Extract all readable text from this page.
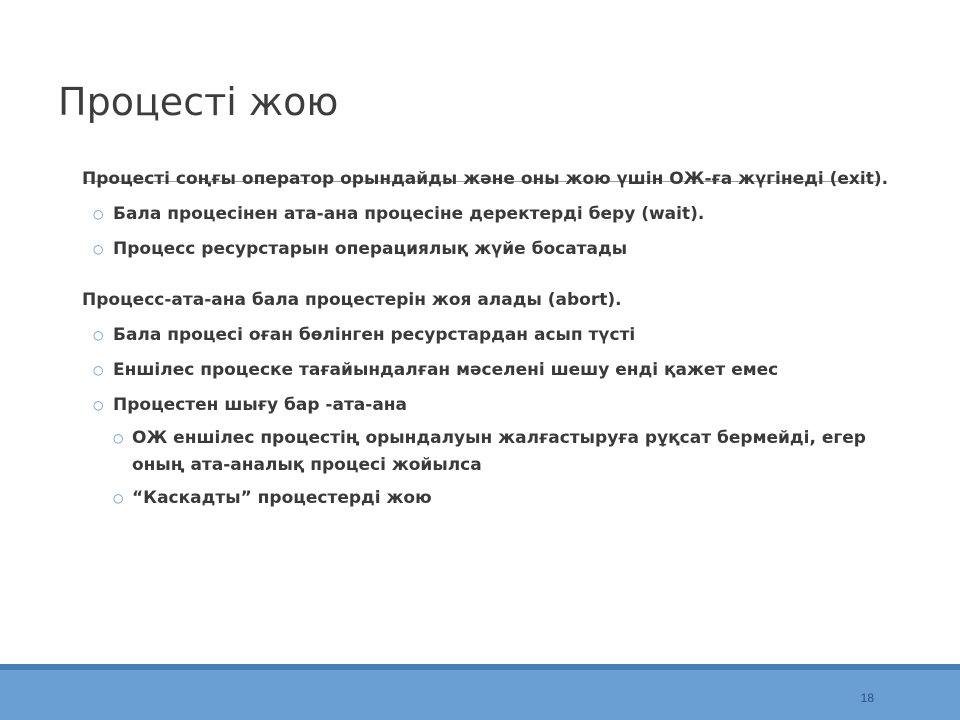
Процесті жою

Процесті соңғы оператор орындайды және оны жою үшін ОЖ-ға жүгінеді (exit).

○ Бала процесінен ата-ана процесіне деректерді беру (wait).
○ Процесс ресурстарын операциялық жүйе босатады

Процесс-ата-ана бала процестерін жоя алады (abort).

○ Бала процесі оған бөлінген ресурстардан асып түсті
○ Еншілес процеске тағайындалған мәселені шешу енді қажет емес
○ Процестен шығу бар -ата-ана
○ ОЖ еншілес процестің орындалуын жалғастыруға рұқсат бермейді, егер оның ата-аналық процесі жойылса
○ “Каскадты” процестерді жою
18
